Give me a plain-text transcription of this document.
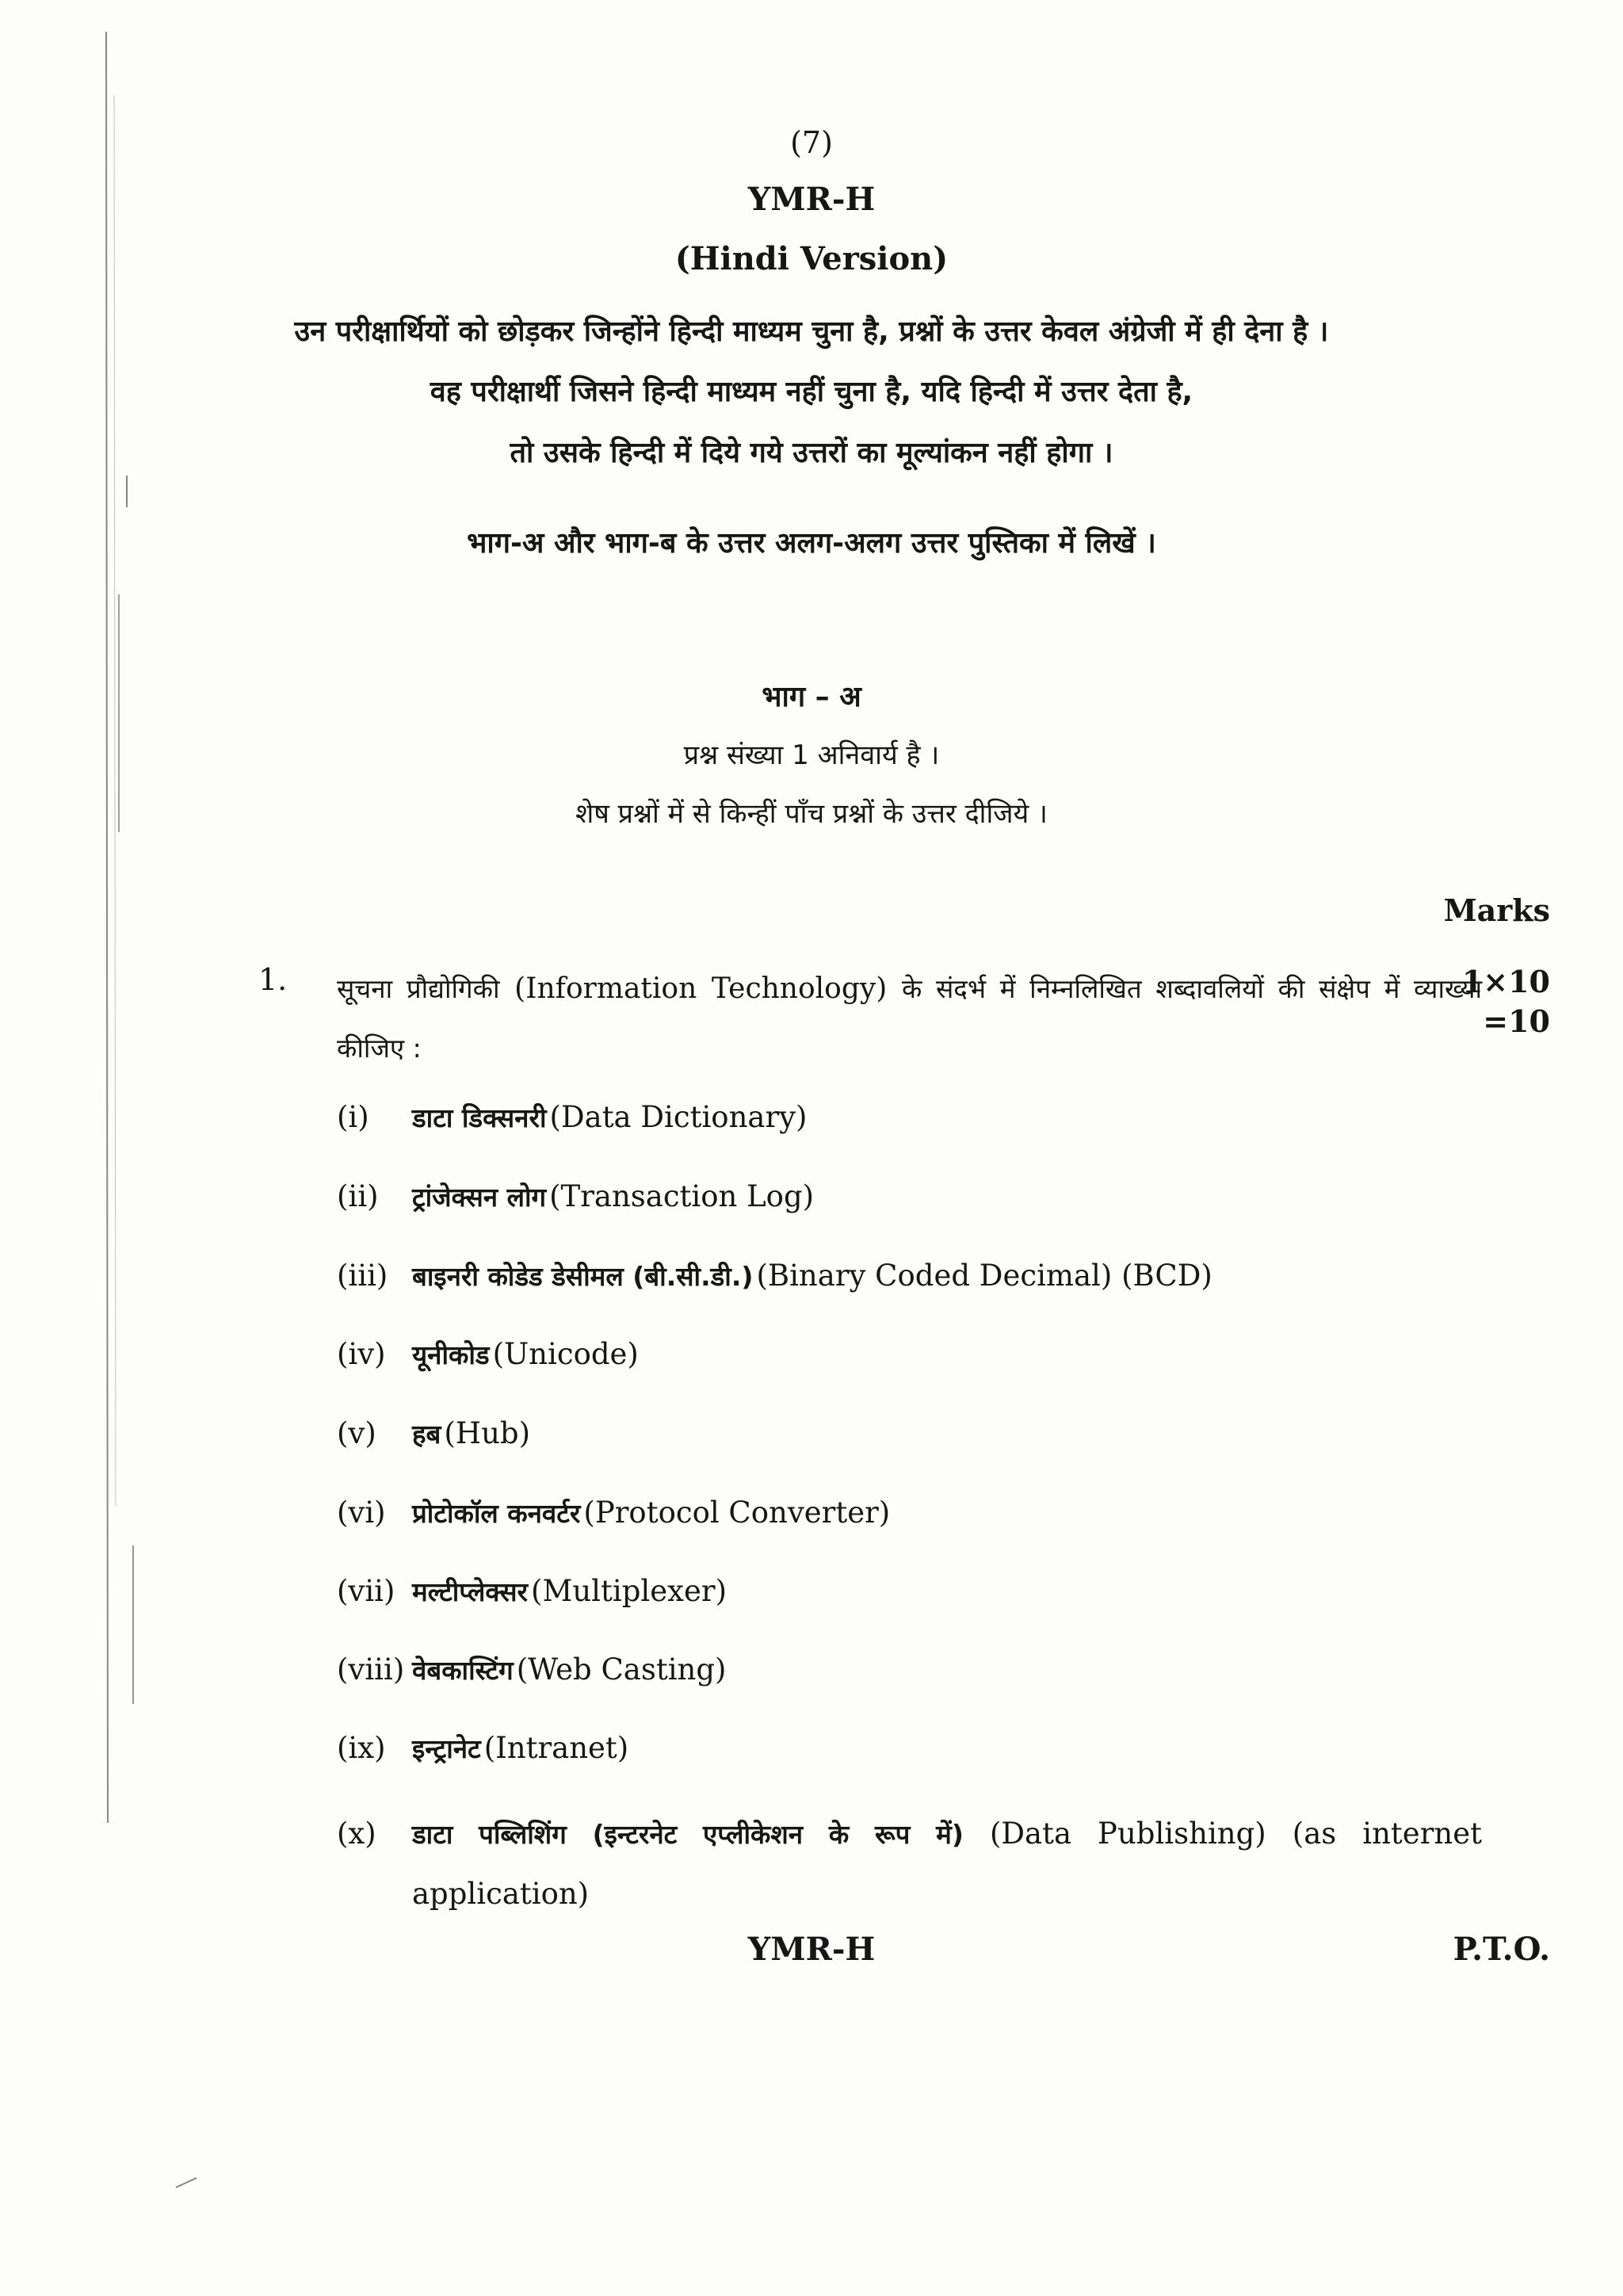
(7)
YMR-H
(Hindi Version)
उन परीक्षार्थियों को छोड़कर जिन्होंने हिन्दी माध्यम चुना है, प्रश्नों के उत्तर केवल अंग्रेजी में ही देना है ।
वह परीक्षार्थी जिसने हिन्दी माध्यम नहीं चुना है, यदि हिन्दी में उत्तर देता है,
तो उसके हिन्दी में दिये गये उत्तरों का मूल्यांकन नहीं होगा ।
भाग-अ और भाग-ब के उत्तर अलग-अलग उत्तर पुस्तिका में लिखें ।
भाग – अ
प्रश्न संख्या 1 अनिवार्य है ।
शेष प्रश्नों में से किन्हीं पाँच प्रश्नों के उत्तर दीजिये ।
Marks
1. सूचना प्रौद्योगिकी (Information Technology) के संदर्भ में निम्नलिखित शब्दावलियों की संक्षेप में व्याख्या कीजिए :
1×10
=10
(i) डाटा डिक्सनरी (Data Dictionary)
(ii) ट्रांजेक्सन लोग (Transaction Log)
(iii) बाइनरी कोडेड डेसीमल (बी.सी.डी.) (Binary Coded Decimal) (BCD)
(iv) यूनीकोड (Unicode)
(v) हब (Hub)
(vi) प्रोटोकॉल कनवर्टर (Protocol Converter)
(vii) मल्टीप्लेक्सर (Multiplexer)
(viii) वेबकास्टिंग (Web Casting)
(ix) इन्ट्रानेट (Intranet)
(x) डाटा पब्लिशिंग (इन्टरनेट एप्लीकेशन के रूप में) (Data Publishing) (as internet
application)
YMR-H	P.T.O.
